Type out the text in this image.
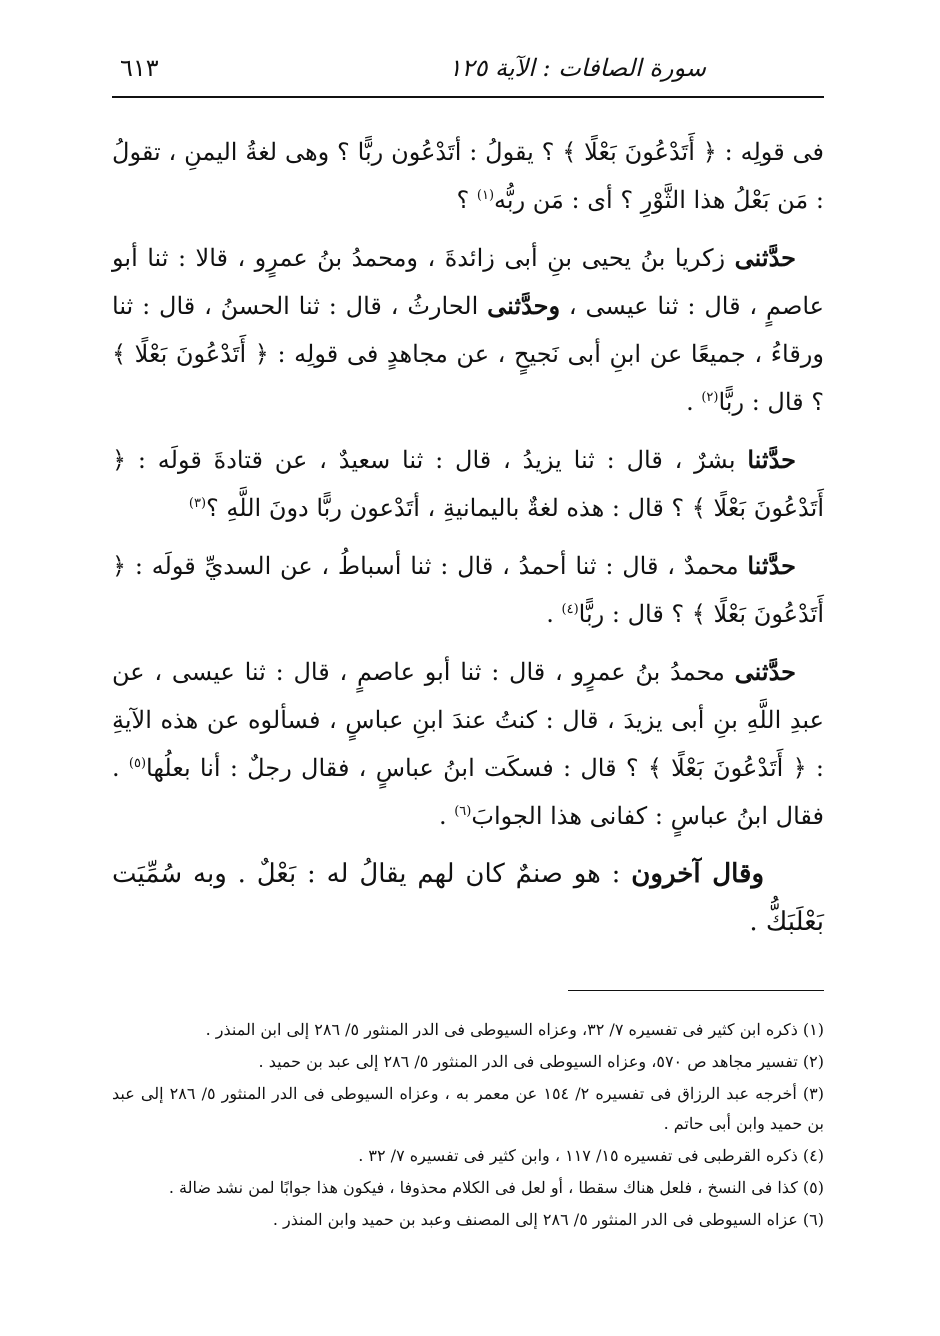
سورة الصافات : الآية ١٢٥
٦١٣

فى قولِه : ﴿ أَتَدْعُونَ بَعْلًا ﴾ ؟ يقولُ : أتَدْعُون ربًّا ؟ وهى لغةُ اليمنِ ، تقولُ : مَن بَعْلُ هذا الثَّوْرِ ؟ أى : مَن ربُّه$^{(١)}$ ؟

حدَّثنى زكريا بنُ يحيى بنِ أبى زائدةَ ، ومحمدُ بنُ عمرٍو ، قالا : ثنا أبو عاصمٍ ، قال : ثنا عيسى ، وحدَّثنى الحارثُ ، قال : ثنا الحسنُ ، قال : ثنا ورقاءُ ، جميعًا عن ابنِ أبى نَجيحٍ ، عن مجاهدٍ فى قولِه : ﴿ أَتَدْعُونَ بَعْلًا ﴾ ؟ قال : ربًّا$^{(٢)}$ .

حدَّثنا بشرٌ ، قال : ثنا يزيدُ ، قال : ثنا سعيدٌ ، عن قتادةَ قولَه : ﴿ أَتَدْعُونَ بَعْلًا ﴾ ؟ قال : هذه لغةٌ باليمانيةِ ، أتَدْعون ربًّا دونَ اللَّهِ ؟$^{(٣)}$

حدَّثنا محمدٌ ، قال : ثنا أحمدُ ، قال : ثنا أسباطُ ، عن السديِّ قولَه : ﴿ أَتَدْعُونَ بَعْلًا ﴾ ؟ قال : ربًّا$^{(٤)}$ .

حدَّثنى محمدُ بنُ عمرٍو ، قال : ثنا أبو عاصمٍ ، قال : ثنا عيسى ، عن عبدِ اللَّهِ بنِ أبى يزيدَ ، قال : كنتُ عندَ ابنِ عباسٍ ، فسألوه عن هذه الآيةِ : ﴿ أَتَدْعُونَ بَعْلًا ﴾ ؟ قال : فسكَت ابنُ عباسٍ ، فقال رجلٌ : أنا بعلُها$^{(٥)}$ . فقال ابنُ عباسٍ : كفانى هذا الجوابَ$^{(٦)}$ .

وقال آخرون : هو صنمٌ كان لهم يقالُ له : بَعْلٌ . وبه سُمِّيَت بَعْلَبَكُّ .

(١) ذكره ابن كثير فى تفسيره ٧/ ٣٢، وعزاه السيوطى فى الدر المنثور ٥/ ٢٨٦ إلى ابن المنذر .

(٢) تفسير مجاهد ص ٥٧٠، وعزاه السيوطى فى الدر المنثور ٥/ ٢٨٦ إلى عبد بن حميد .

(٣) أخرجه عبد الرزاق فى تفسيره ٢/ ١٥٤ عن معمر به ، وعزاه السيوطى فى الدر المنثور ٥/ ٢٨٦ إلى عبد بن حميد وابن أبى حاتم .

(٤) ذكره القرطبى فى تفسيره ١٥/ ١١٧ ، وابن كثير فى تفسيره ٧/ ٣٢ .

(٥) كذا فى النسخ ، فلعل هناك سقطا ، أو لعل فى الكلام محذوفا ، فيكون هذا جوابًا لمن نشد ضالة .

(٦) عزاه السيوطى فى الدر المنثور ٥/ ٢٨٦ إلى المصنف وعبد بن حميد وابن المنذر .
